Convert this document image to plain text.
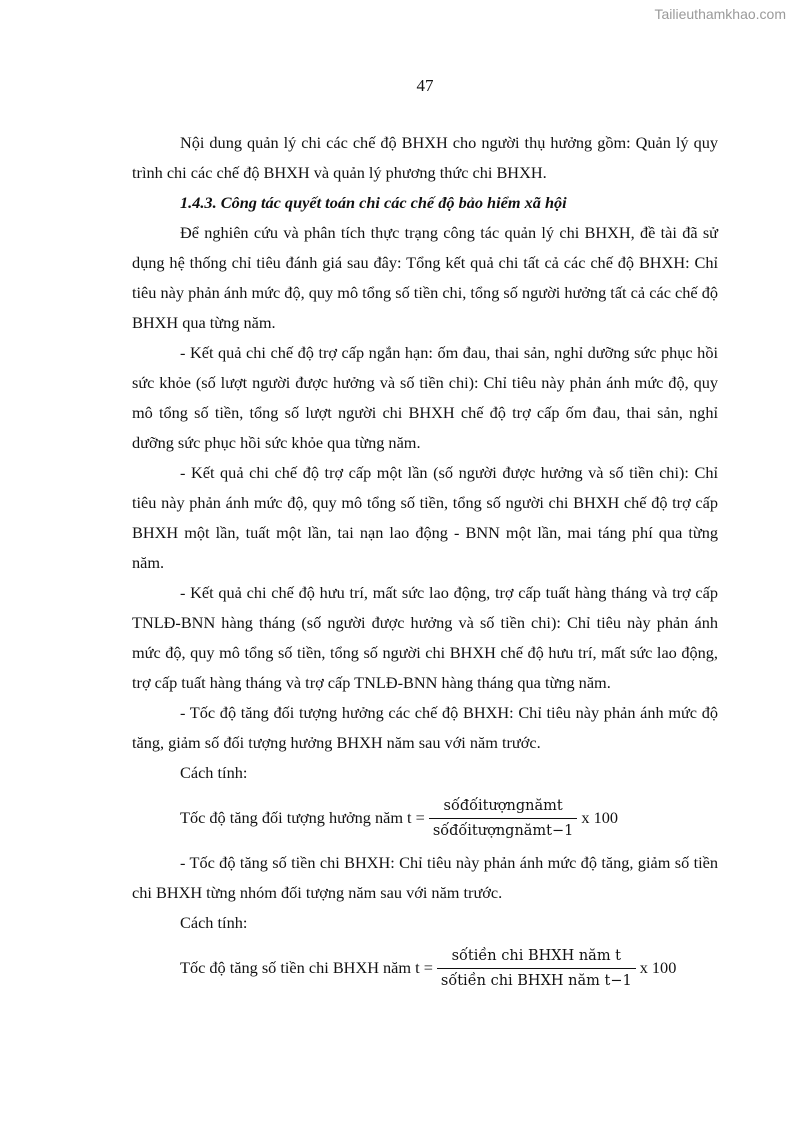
Tailieuthamkhao.com
47

Nội dung quản lý chi các chế độ BHXH cho người thụ hưởng gồm: Quản lý quy trình chi các chế độ BHXH và quản lý phương thức chi BHXH.

1.4.3. Công tác quyết toán chi các chế độ bảo hiểm xã hội

Để nghiên cứu và phân tích thực trạng công tác quản lý chi BHXH, đề tài đã sử dụng hệ thống chỉ tiêu đánh giá sau đây: Tổng kết quả chi tất cả các chế độ BHXH: Chỉ tiêu này phản ánh mức độ, quy mô tổng số tiền chi, tổng số người hưởng tất cả các chế độ BHXH qua từng năm.

- Kết quả chi chế độ trợ cấp ngắn hạn: ốm đau, thai sản, nghỉ dưỡng sức phục hồi sức khỏe (số lượt người được hưởng và số tiền chi): Chỉ tiêu này phản ánh mức độ, quy mô tổng số tiền, tổng số lượt người chi BHXH chế độ trợ cấp ốm đau, thai sản, nghỉ dưỡng sức phục hồi sức khỏe qua từng năm.

- Kết quả chi chế độ trợ cấp một lần (số người được hưởng và số tiền chi): Chỉ tiêu này phản ánh mức độ, quy mô tổng số tiền, tổng số người chi BHXH chế độ trợ cấp BHXH một lần, tuất một lần, tai nạn lao động - BNN một lần, mai táng phí qua từng năm.

- Kết quả chi chế độ hưu trí, mất sức lao động, trợ cấp tuất hàng tháng và trợ cấp TNLĐ-BNN hàng tháng (số người được hưởng và số tiền chi): Chỉ tiêu này phản ánh mức độ, quy mô tổng số tiền, tổng số người chi BHXH chế độ hưu trí, mất sức lao động, trợ cấp tuất hàng tháng và trợ cấp TNLĐ-BNN hàng tháng qua từng năm.

- Tốc độ tăng đối tượng hưởng các chế độ BHXH: Chỉ tiêu này phản ánh mức độ tăng, giảm số đối tượng hưởng BHXH năm sau với năm trước.

Cách tính:

Tốc độ tăng đối tượng hưởng năm $t = \frac{\text{sốđốitượngnămt}}{\text{sốđốitượngnămt−1}}$ x 100

- Tốc độ tăng số tiền chi BHXH: Chỉ tiêu này phản ánh mức độ tăng, giảm số tiền chi BHXH từng nhóm đối tượng năm sau với năm trước.

Cách tính:

Tốc độ tăng số tiền chi BHXH năm $t = \frac{\text{sốtiền chi BHXH năm t}}{\text{sốtiền chi BHXH năm t−1}}$ x 100
